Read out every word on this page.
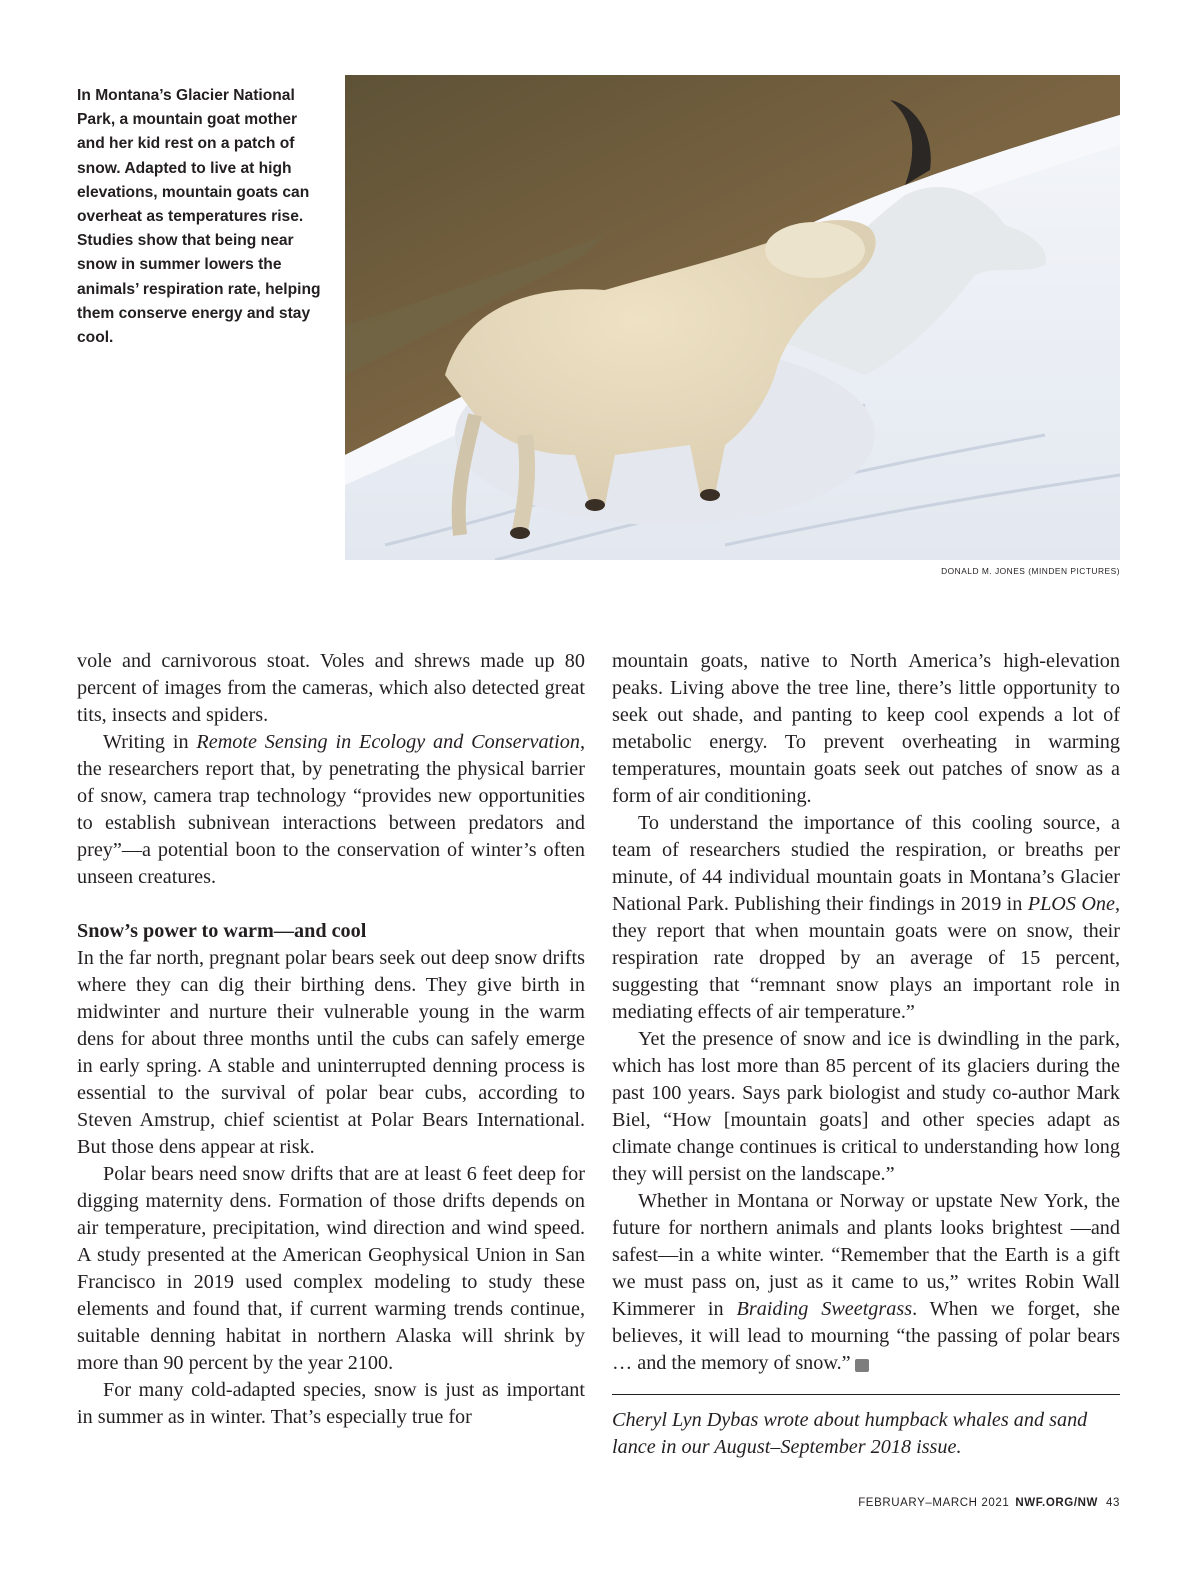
In Montana’s Glacier National Park, a mountain goat mother and her kid rest on a patch of snow. Adapted to live at high elevations, mountain goats can overheat as temperatures rise. Studies show that being near snow in summer lowers the animals’ respiration rate, helping them conserve energy and stay cool.
DONALD M. JONES (MINDEN PICTURES)

vole and carnivorous stoat. Voles and shrews made up 80 percent of images from the cameras, which also detected great tits, insects and spiders.

Writing in Remote Sensing in Ecology and Conservation, the researchers report that, by penetrating the physical barrier of snow, camera trap technology “provides new opportunities to establish subnivean interactions between predators and prey”—a potential boon to the conservation of winter’s often unseen creatures.

Snow’s power to warm—and cool

In the far north, pregnant polar bears seek out deep snow drifts where they can dig their birthing dens. They give birth in midwinter and nurture their vulnerable young in the warm dens for about three months until the cubs can safely emerge in early spring. A stable and uninterrupted denning process is essential to the survival of polar bear cubs, according to Steven Amstrup, chief scientist at Polar Bears International. But those dens appear at risk.

Polar bears need snow drifts that are at least 6 feet deep for digging maternity dens. Formation of those drifts depends on air temperature, precipitation, wind direction and wind speed. A study presented at the American Geophysical Union in San Francisco in 2019 used complex modeling to study these elements and found that, if current warming trends continue, suitable denning habitat in northern Alaska will shrink by more than 90 percent by the year 2100.

For many cold-adapted species, snow is just as important in summer as in winter. That’s especially true for

mountain goats, native to North America’s high-elevation peaks. Living above the tree line, there’s little opportunity to seek out shade, and panting to keep cool expends a lot of metabolic energy. To prevent overheating in warming temperatures, mountain goats seek out patches of snow as a form of air conditioning.

To understand the importance of this cooling source, a team of researchers studied the respiration, or breaths per minute, of 44 individual mountain goats in Montana’s Glacier National Park. Publishing their findings in 2019 in PLOS One, they report that when mountain goats were on snow, their respiration rate dropped by an average of 15 percent, suggesting that “remnant snow plays an important role in mediating effects of air temperature.”

Yet the presence of snow and ice is dwindling in the park, which has lost more than 85 percent of its glaciers during the past 100 years. Says park biologist and study co-author Mark Biel, “How [mountain goats] and other species adapt as climate change continues is critical to understanding how long they will persist on the landscape.”

Whether in Montana or Norway or upstate New York, the future for northern animals and plants looks brightest —and safest—in a white winter. “Remember that the Earth is a gift we must pass on, just as it came to us,” writes Robin Wall Kimmerer in Braiding Sweetgrass. When we forget, she believes, it will lead to mourning “the passing of polar bears … and the memory of snow.”	W

Cheryl Lyn Dybas wrote about humpback whales and sand lance in our August–September 2018 issue.

FEBRUARY–MARCH 2021 NWF.ORG/NW 43
